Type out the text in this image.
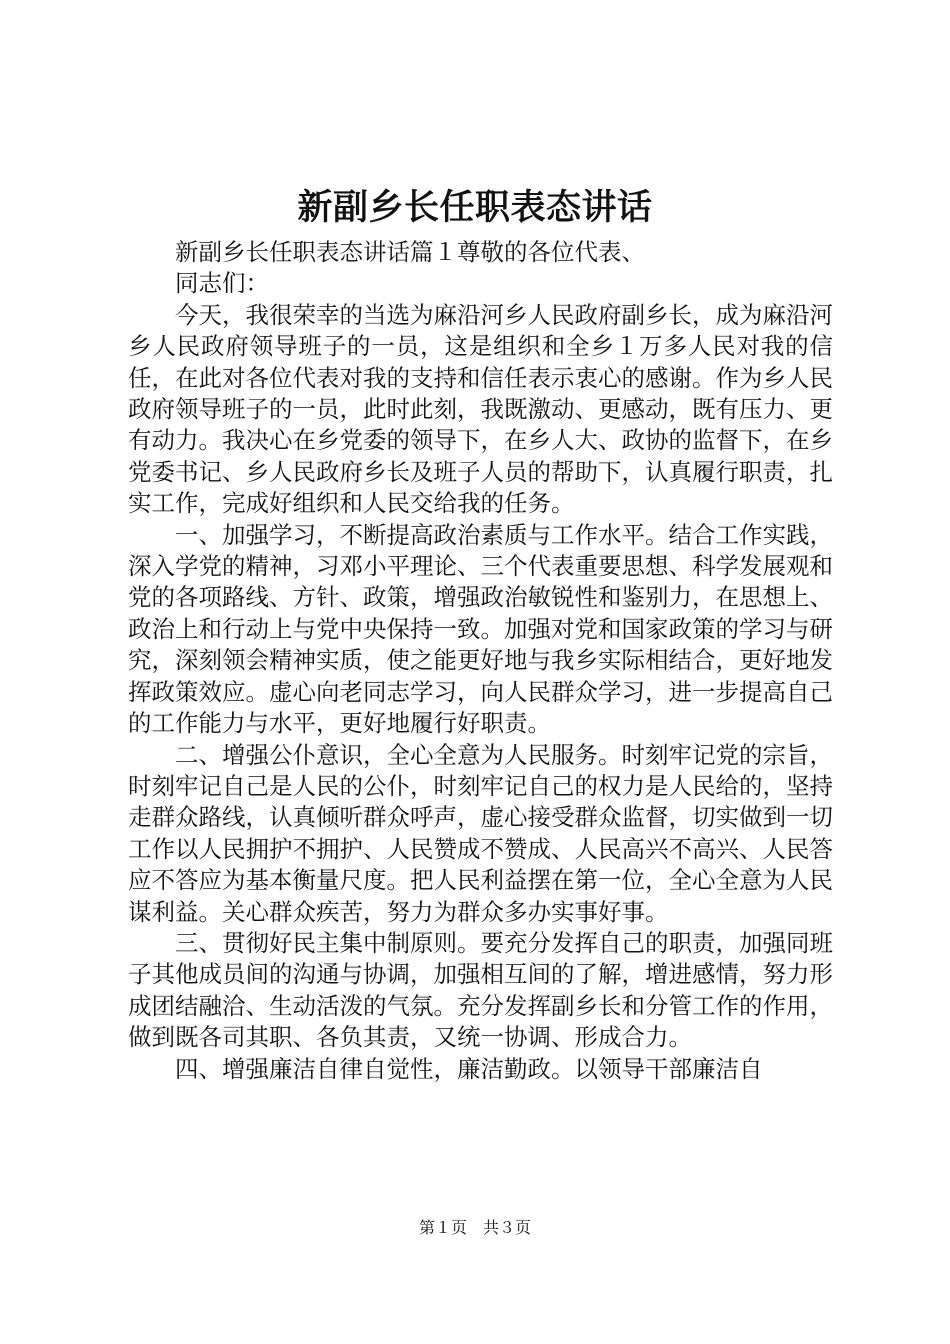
新副乡长任职表态讲话

新副乡长任职表态讲话篇１尊敬的各位代表、

同志们：

今天，我很荣幸的当选为麻沿河乡人民政府副乡长，成为麻沿河乡人民政府领导班子的一员，这是组织和全乡１万多人民对我的信任，在此对各位代表对我的支持和信任表示衷心的感谢。作为乡人民政府领导班子的一员，此时此刻，我既激动、更感动，既有压力、更有动力。我决心在乡党委的领导下，在乡人大、政协的监督下，在乡党委书记、乡人民政府乡长及班子人员的帮助下，认真履行职责，扎实工作，完成好组织和人民交给我的任务。

一、加强学习，不断提高政治素质与工作水平。结合工作实践，深入学党的精神，习邓小平理论、三个代表重要思想、科学发展观和党的各项路线、方针、政策，增强政治敏锐性和鉴别力，在思想上、政治上和行动上与党中央保持一致。加强对党和国家政策的学习与研究，深刻领会精神实质，使之能更好地与我乡实际相结合，更好地发挥政策效应。虚心向老同志学习，向人民群众学习，进一步提高自己的工作能力与水平，更好地履行好职责。

二、增强公仆意识，全心全意为人民服务。时刻牢记党的宗旨，时刻牢记自己是人民的公仆，时刻牢记自己的权力是人民给的，坚持走群众路线，认真倾听群众呼声，虚心接受群众监督，切实做到一切工作以人民拥护不拥护、人民赞成不赞成、人民高兴不高兴、人民答应不答应为基本衡量尺度。把人民利益摆在第一位，全心全意为人民谋利益。关心群众疾苦，努力为群众多办实事好事。

三、贯彻好民主集中制原则。要充分发挥自己的职责，加强同班子其他成员间的沟通与协调，加强相互间的了解，增进感情，努力形成团结融洽、生动活泼的气氛。充分发挥副乡长和分管工作的作用，做到既各司其职、各负其责，又统一协调、形成合力。

四、增强廉洁自律自觉性，廉洁勤政。以领导干部廉洁自

第１页　共３页
